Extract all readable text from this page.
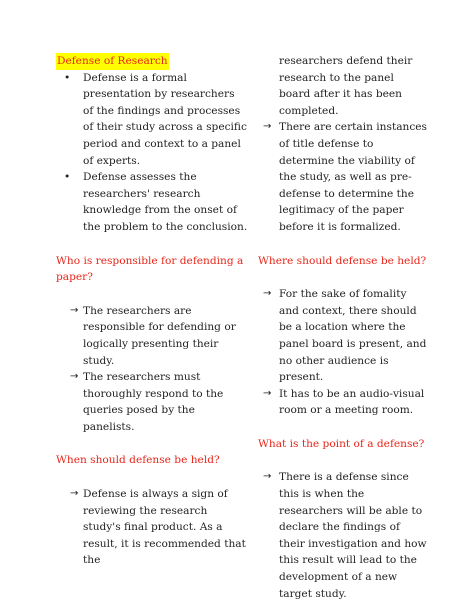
Defense of Research
• Defense is a formal presentation by researchers of the findings and processes of their study across a specific period and context to a panel of experts.
• Defense assesses the researchers' research knowledge from the onset of the problem to the conclusion.
Who is responsible for defending a paper?
→ The researchers are responsible for defending or logically presenting their study.
→ The researchers must thoroughly respond to the queries posed by the panelists.
When should defense be held?
→ Defense is always a sign of reviewing the research study's final product. As a result, it is recommended that the

researchers defend their research to the panel board after it has been completed.

→ There are certain instances of title defense to determine the viability of the study, as well as pre-defense to determine the legitimacy of the paper before it is formalized.
Where should defense be held?
→ For the sake of fomality and context, there should be a location where the panel board is present, and no other audience is present.
→ It has to be an audio-visual room or a meeting room.
What is the point of a defense?
→ There is a defense since this is when the researchers will be able to declare the findings of their investigation and how this result will lead to the development of a new target study.
